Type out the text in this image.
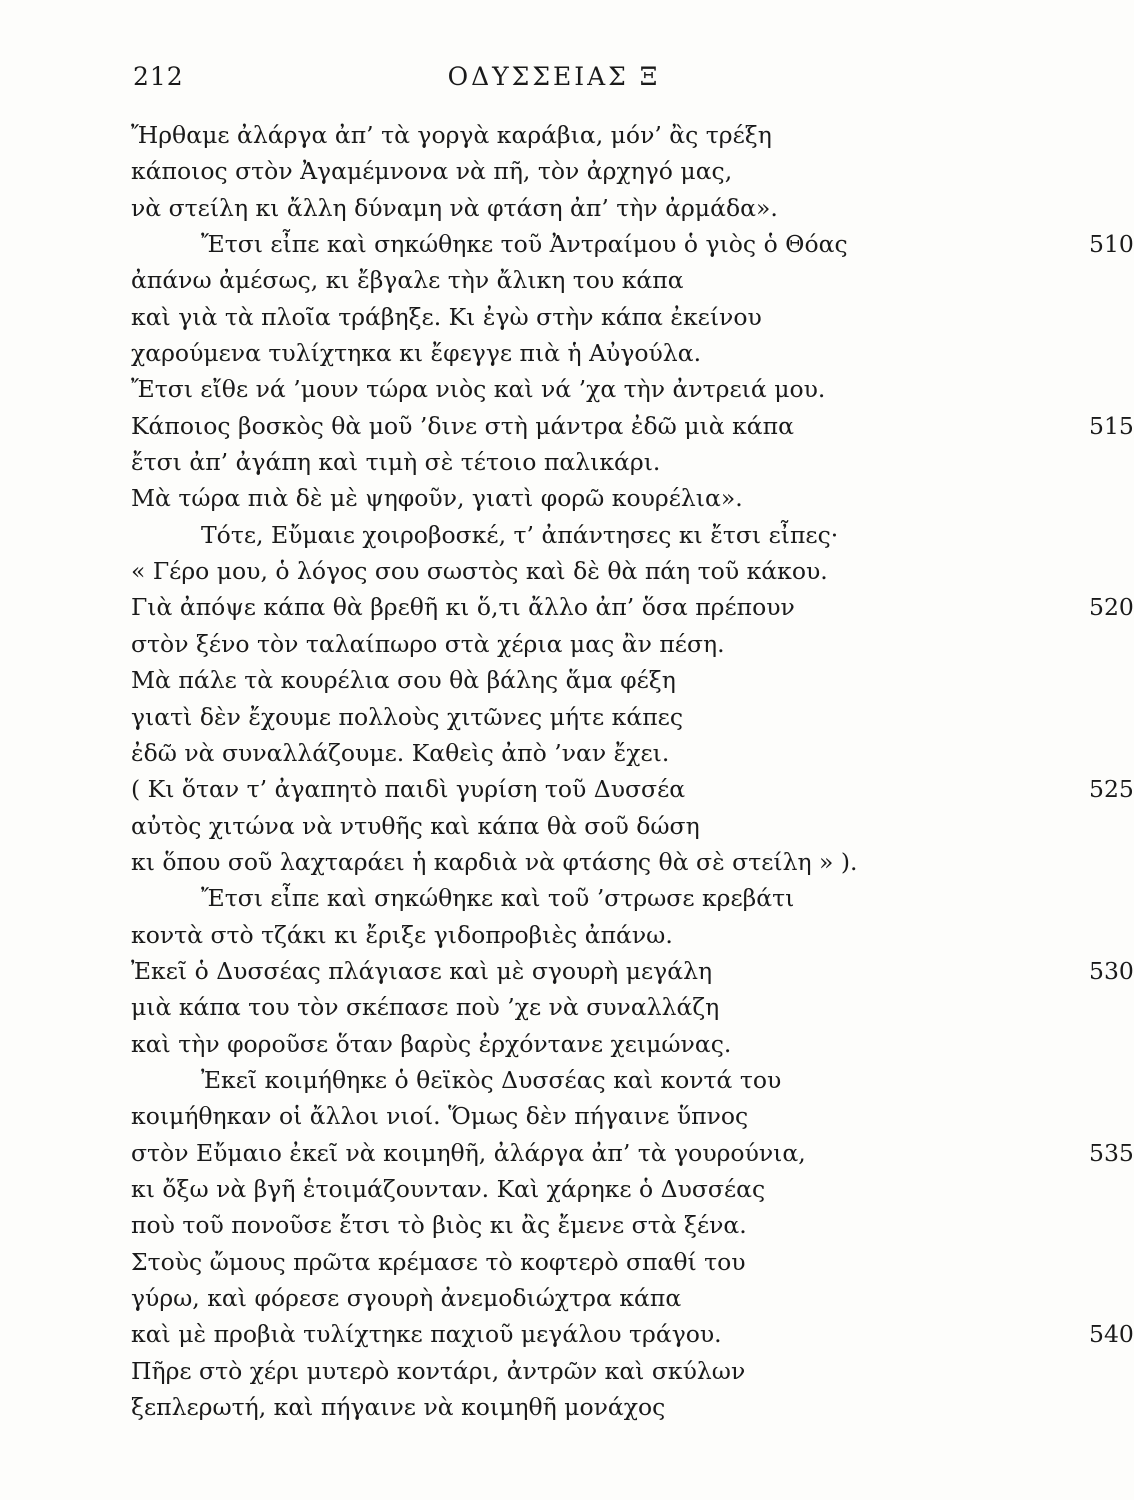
212	ΟΔΥΣΣΕΙΑΣ Ξ
Ἤρθαμε ἀλάργα ἀπ’ τὰ γοργὰ καράβια, μόν’ ἂς τρέξη
κάποιος στὸν Ἀγαμέμνονα νὰ πῆ, τὸν ἀρχηγό μας,
νὰ στείλη κι ἄλλη δύναμη νὰ φτάση ἀπ’ τὴν ἀρμάδα».
Ἔτσι εἶπε καὶ σηκώθηκε τοῦ Ἀντραίμου ὁ γιὸς ὁ Θόας	510
ἀπάνω ἀμέσως, κι ἔβγαλε τὴν ἄλικη του κάπα
καὶ γιὰ τὰ πλοῖα τράβηξε. Κι ἐγὼ στὴν κάπα ἐκείνου
χαρούμενα τυλίχτηκα κι ἔφεγγε πιὰ ἡ Αὐγούλα.
Ἔτσι εἴθε νά ’μουν τώρα νιὸς καὶ νά ’χα τὴν ἀντρειά μου.
Κάποιος βοσκὸς θὰ μοῦ ’δινε στὴ μάντρα ἐδῶ μιὰ κάπα	515
ἔτσι ἀπ’ ἀγάπη καὶ τιμὴ σὲ τέτοιο παλικάρι.
Μὰ τώρα πιὰ δὲ μὲ ψηφοῦν, γιατὶ φορῶ κουρέλια».
Τότε, Εὔμαιε χοιροβοσκέ, τ’ ἀπάντησες κι ἔτσι εἶπες·
« Γέρο μου, ὁ λόγος σου σωστὸς καὶ δὲ θὰ πάη τοῦ κάκου.
Γιὰ ἀπόψε κάπα θὰ βρεθῆ κι ὅ,τι ἄλλο ἀπ’ ὅσα πρέπουν	520
στὸν ξένο τὸν ταλαίπωρο στὰ χέρια μας ἂν πέση.
Μὰ πάλε τὰ κουρέλια σου θὰ βάλης ἅμα φέξη
γιατὶ δὲν ἔχουμε πολλοὺς χιτῶνες μήτε κάπες
ἐδῶ νὰ συναλλάζουμε. Καθεὶς ἀπὸ ’ναν ἔχει.
( Κι ὅταν τ’ ἀγαπητὸ παιδὶ γυρίση τοῦ Δυσσέα	525
αὐτὸς χιτώνα νὰ ντυθῆς καὶ κάπα θὰ σοῦ δώση
κι ὅπου σοῦ λαχταράει ἡ καρδιὰ νὰ φτάσης θὰ σὲ στείλη » ).
Ἔτσι εἶπε καὶ σηκώθηκε καὶ τοῦ ’στρωσε κρεβάτι
κοντὰ στὸ τζάκι κι ἔριξε γιδοπροβιὲς ἀπάνω.
Ἐκεῖ ὁ Δυσσέας πλάγιασε καὶ μὲ σγουρὴ μεγάλη	530
μιὰ κάπα του τὸν σκέπασε ποὺ ’χε νὰ συναλλάζη
καὶ τὴν φοροῦσε ὅταν βαρὺς ἐρχόντανε χειμώνας.
Ἐκεῖ κοιμήθηκε ὁ θεϊκὸς Δυσσέας καὶ κοντά του
κοιμήθηκαν οἱ ἄλλοι νιοί. Ὅμως δὲν πήγαινε ὕπνος
στὸν Εὔμαιο ἐκεῖ νὰ κοιμηθῆ, ἀλάργα ἀπ’ τὰ γουρούνια,	535
κι ὄξω νὰ βγῆ ἑτοιμάζουνταν. Καὶ χάρηκε ὁ Δυσσέας
ποὺ τοῦ πονοῦσε ἔτσι τὸ βιὸς κι ἂς ἔμενε στὰ ξένα.
Στοὺς ὤμους πρῶτα κρέμασε τὸ κοφτερὸ σπαθί του
γύρω, καὶ φόρεσε σγουρὴ ἀνεμοδιώχτρα κάπα
καὶ μὲ προβιὰ τυλίχτηκε παχιοῦ μεγάλου τράγου.	540
Πῆρε στὸ χέρι μυτερὸ κοντάρι, ἀντρῶν καὶ σκύλων
ξεπλερωτή, καὶ πήγαινε νὰ κοιμηθῆ μονάχος
